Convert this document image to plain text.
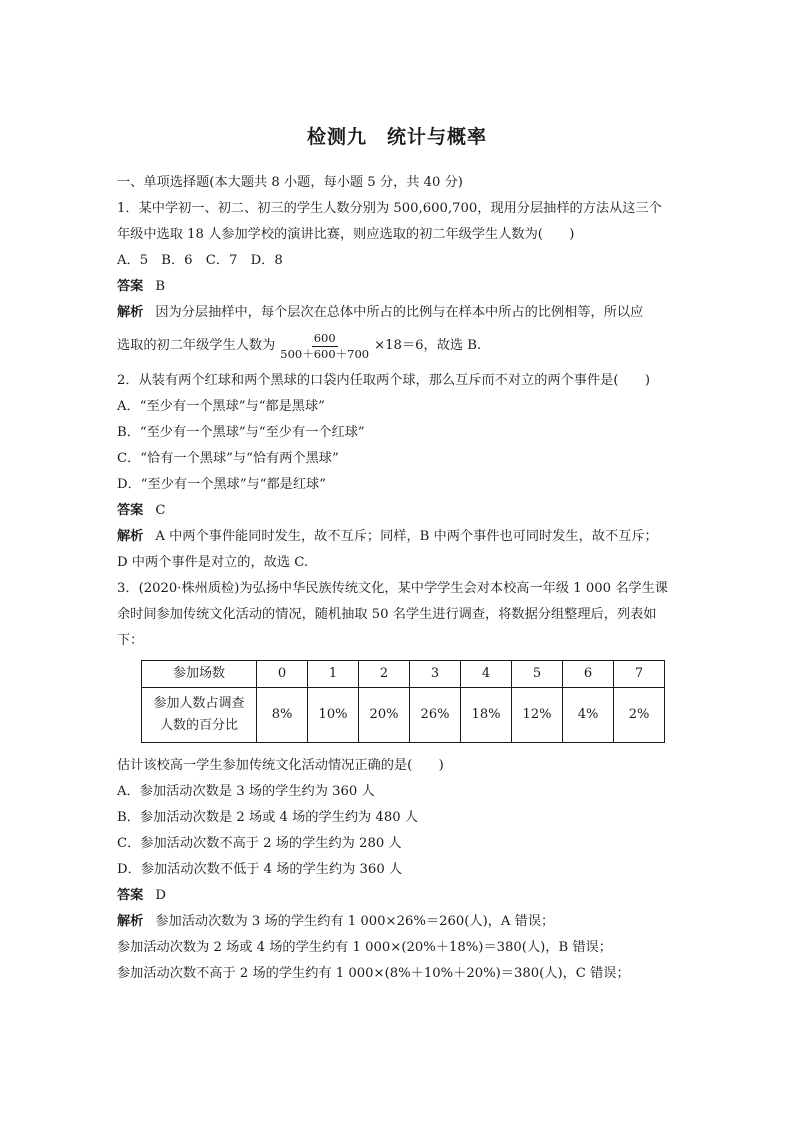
检测九　统计与概率
一、单项选择题(本大题共 8 小题，每小题 5 分，共 40 分)
1．某中学初一、初二、初三的学生人数分别为 500,600,700，现用分层抽样的方法从这三个
年级中选取 18 人参加学校的演讲比赛，则应选取的初二年级学生人数为(　　)
A．5　B．6　C．7　D．8
答案 B
解析 因为分层抽样中，每个层次在总体中所占的比例与在样本中所占的比例相等，所以应
选取的初二年级学生人数为 $\frac{600}{500+600+700} \times 18=6$，故选 B.
2．从装有两个红球和两个黑球的口袋内任取两个球，那么互斥而不对立的两个事件是(　　)
A．“至少有一个黑球”与“都是黑球”
B．“至少有一个黑球”与“至少有一个红球”
C．“恰有一个黑球”与“恰有两个黑球”
D．“至少有一个黑球”与“都是红球”
答案 C
解析 A 中两个事件能同时发生，故不互斥；同样，B 中两个事件也可同时发生，故不互斥；
D 中两个事件是对立的，故选 C.
3．(2020·株州质检)为弘扬中华民族传统文化，某中学学生会对本校高一年级 1 000 名学生课
余时间参加传统文化活动的情况，随机抽取 50 名学生进行调查，将数据分组整理后，列表如
下：
参加场数	0	1	2	3	4	5	6	7

参加人数占调查
人数的百分比	8%	10%	20%	26%	18%	12%	4%	2%
估计该校高一学生参加传统文化活动情况正确的是(　　)
A．参加活动次数是 3 场的学生约为 360 人
B．参加活动次数是 2 场或 4 场的学生约为 480 人
C．参加活动次数不高于 2 场的学生约为 280 人
D．参加活动次数不低于 4 场的学生约为 360 人
答案 D
解析 参加活动次数为 3 场的学生约有 1 000×26%＝260(人)，A 错误；
参加活动次数为 2 场或 4 场的学生约有 1 000×(20%＋18%)＝380(人)，B 错误；
参加活动次数不高于 2 场的学生约有 1 000×(8%＋10%＋20%)＝380(人)，C 错误；
